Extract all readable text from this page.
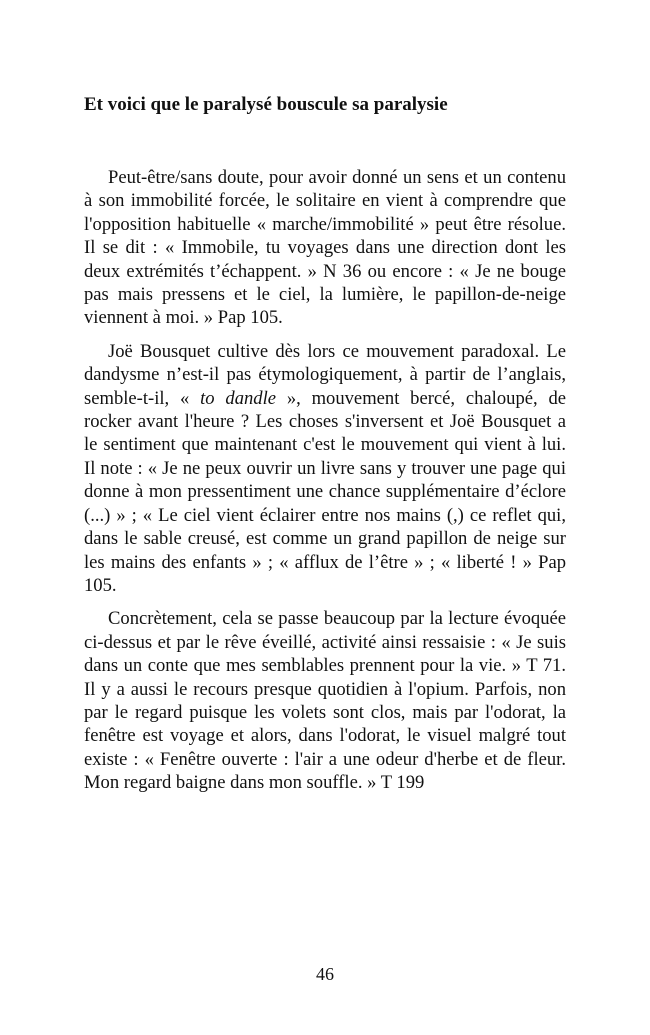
Et voici que le paralysé bouscule sa paralysie

Peut-être/sans doute, pour avoir donné un sens et un contenu à son immobilité forcée, le solitaire en vient à comprendre que l'opposition habituelle « marche/immobilité » peut être résolue. Il se dit : « Immobile, tu voyages dans une direction dont les deux extrémités t’échappent. » N 36 ou encore : « Je ne bouge pas mais pressens et le ciel, la lumière, le papillon-de-neige viennent à moi. » Pap 105.

Joë Bousquet cultive dès lors ce mouvement paradoxal. Le dandysme n’est-il pas étymologiquement, à partir de l’anglais, semble-t-il, « to dandle », mouvement bercé, chaloupé, de rocker avant l'heure ? Les choses s'inversent et Joë Bousquet a le sentiment que maintenant c'est le mouvement qui vient à lui. Il note : « Je ne peux ouvrir un livre sans y trouver une page qui donne à mon pressentiment une chance supplémentaire d’éclore (...) » ; « Le ciel vient éclairer entre nos mains (,) ce reflet qui, dans le sable creusé, est comme un grand papillon de neige sur les mains des enfants » ; « afflux de l’être » ; « liberté ! » Pap 105.

Concrètement, cela se passe beaucoup par la lecture évoquée ci-dessus et par le rêve éveillé, activité ainsi ressaisie : « Je suis dans un conte que mes semblables prennent pour la vie. » T 71. Il y a aussi le recours presque quotidien à l'opium. Parfois, non par le regard puisque les volets sont clos, mais par l'odorat, la fenêtre est voyage et alors, dans l'odorat, le visuel malgré tout existe : « Fenêtre ouverte : l'air a une odeur d'herbe et de fleur. Mon regard baigne dans mon souffle. » T 199

46
